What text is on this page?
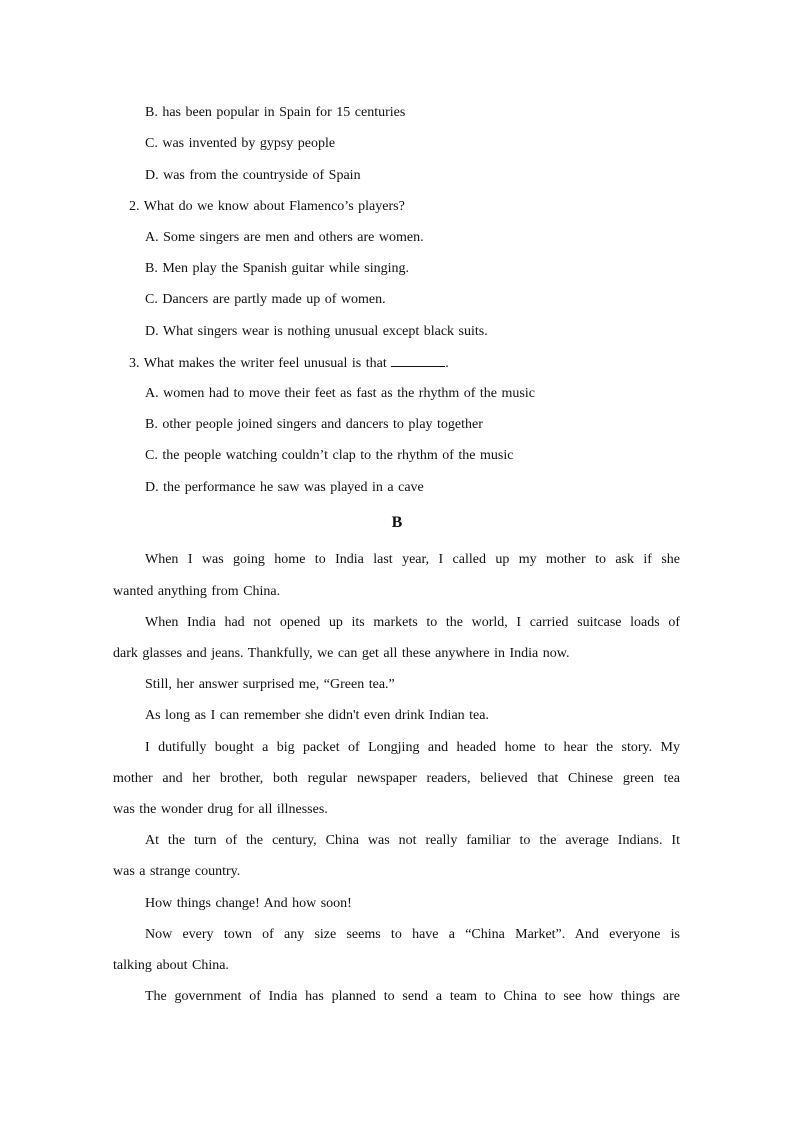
B. has been popular in Spain for 15 centuries
C. was invented by gypsy people
D. was from the countryside of Spain
2. What do we know about Flamenco’s players?
A. Some singers are men and others are women.
B. Men play the Spanish guitar while singing.
C. Dancers are partly made up of women.
D. What singers wear is nothing unusual except black suits.
3. What makes the writer feel unusual is that	.
A. women had to move their feet as fast as the rhythm of the music
B. other people joined singers and dancers to play together
C. the people watching couldn’t clap to the rhythm of the music
D. the performance he saw was played in a cave
B
When I was going home to India last year, I called up my mother to ask if she
wanted anything from China.
When India had not opened up its markets to the world, I carried suitcase loads of
dark glasses and jeans. Thankfully, we can get all these anywhere in India now.
Still, her answer surprised me, “Green tea.”
As long as I can remember she didn't even drink Indian tea.
I dutifully bought a big packet of Longjing and headed home to hear the story. My
mother and her brother, both regular newspaper readers, believed that Chinese green tea
was the wonder drug for all illnesses.
At the turn of the century, China was not really familiar to the average Indians. It
was a strange country.
How things change! And how soon!
Now every town of any size seems to have a “China Market”. And everyone is
talking about China.
The government of India has planned to send a team to China to see how things are
